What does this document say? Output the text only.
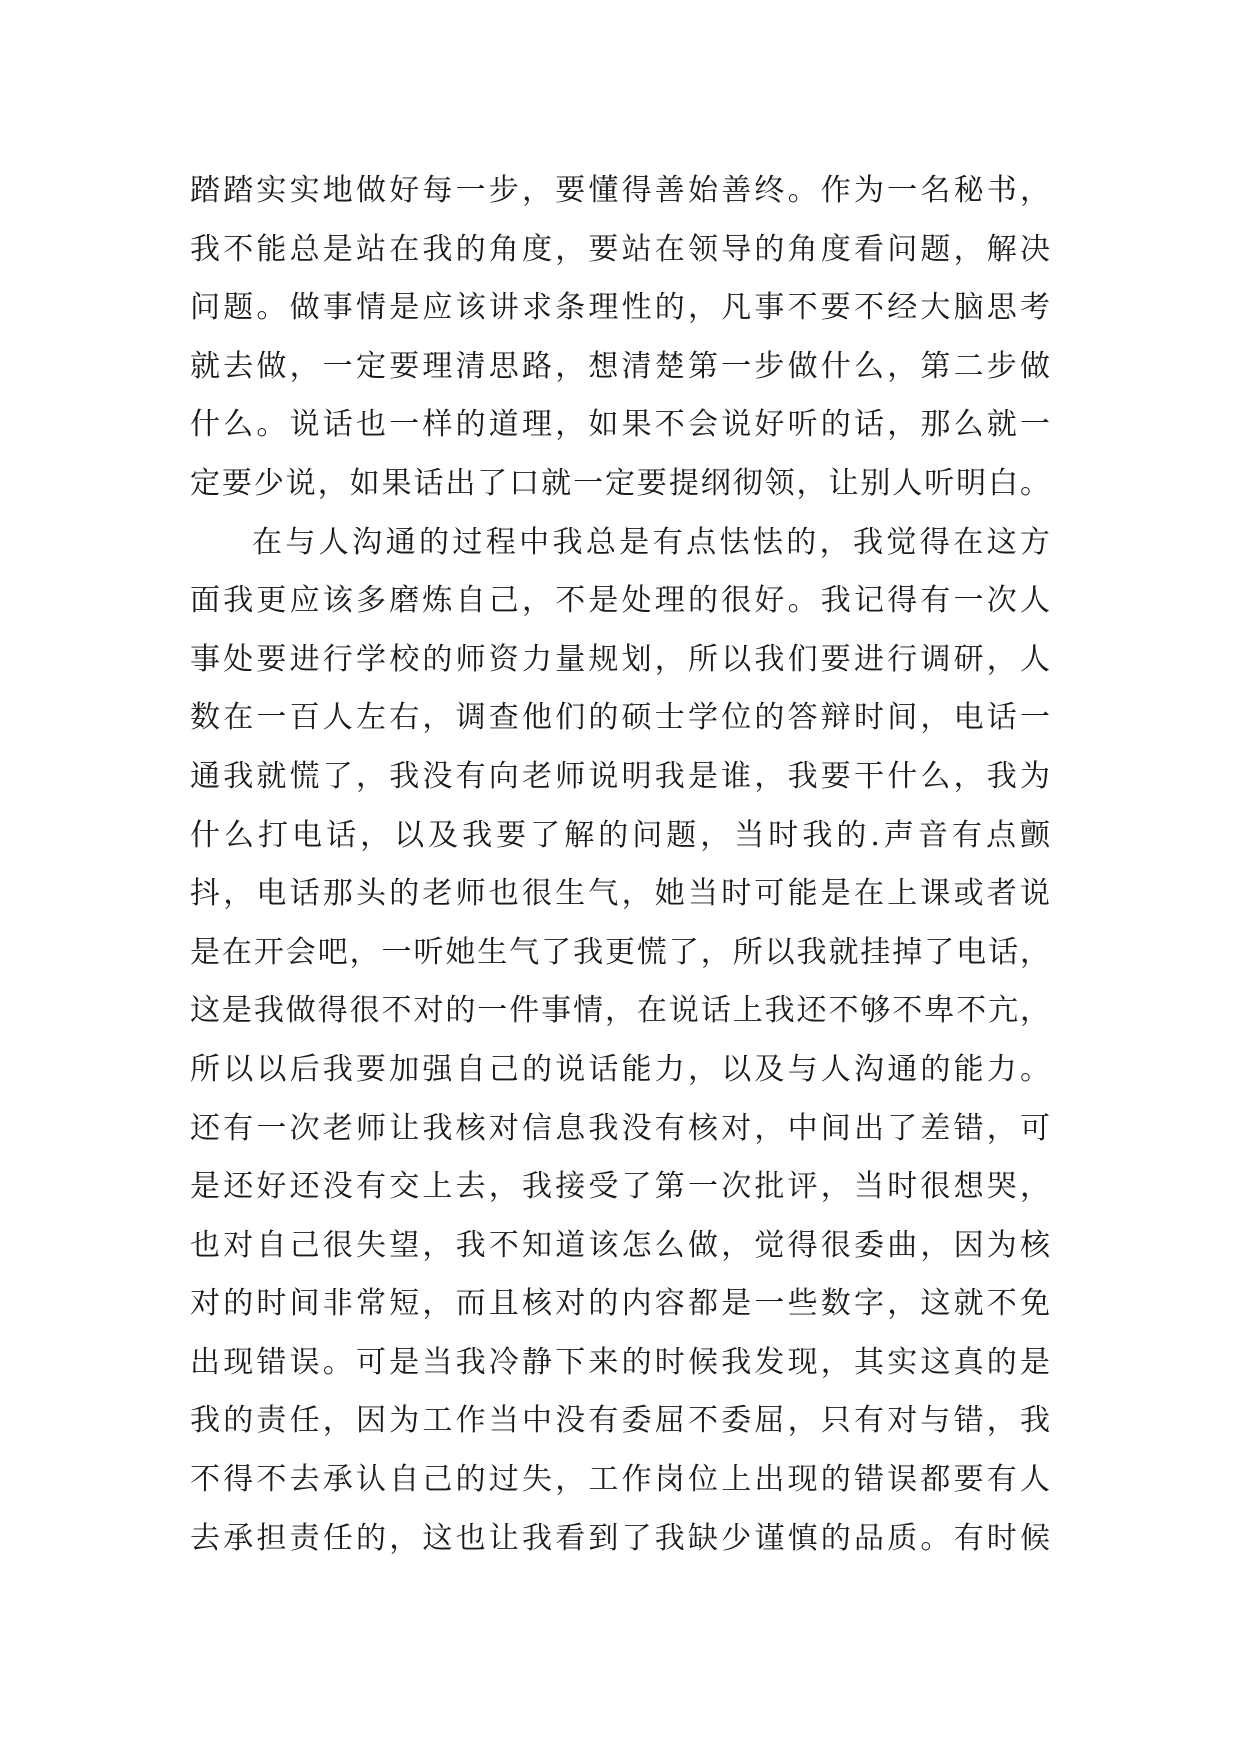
踏踏实实地做好每一步，要懂得善始善终。作为一名秘书，
我不能总是站在我的角度，要站在领导的角度看问题，解决
问题。做事情是应该讲求条理性的，凡事不要不经大脑思考
就去做，一定要理清思路，想清楚第一步做什么，第二步做
什么。说话也一样的道理，如果不会说好听的话，那么就一
定要少说，如果话出了口就一定要提纲彻领，让别人听明白。
在与人沟通的过程中我总是有点怯怯的，我觉得在这方
面我更应该多磨炼自己，不是处理的很好。我记得有一次人
事处要进行学校的师资力量规划，所以我们要进行调研，人
数在一百人左右，调查他们的硕士学位的答辩时间，电话一
通我就慌了，我没有向老师说明我是谁，我要干什么，我为
什么打电话，以及我要了解的问题，当时我的.声音有点颤
抖，电话那头的老师也很生气，她当时可能是在上课或者说
是在开会吧，一听她生气了我更慌了，所以我就挂掉了电话，
这是我做得很不对的一件事情，在说话上我还不够不卑不亢，
所以以后我要加强自己的说话能力，以及与人沟通的能力。
还有一次老师让我核对信息我没有核对，中间出了差错，可
是还好还没有交上去，我接受了第一次批评，当时很想哭，
也对自己很失望，我不知道该怎么做，觉得很委曲，因为核
对的时间非常短，而且核对的内容都是一些数字，这就不免
出现错误。可是当我冷静下来的时候我发现，其实这真的是
我的责任，因为工作当中没有委屈不委屈，只有对与错，我
不得不去承认自己的过失，工作岗位上出现的错误都要有人
去承担责任的，这也让我看到了我缺少谨慎的品质。有时候
